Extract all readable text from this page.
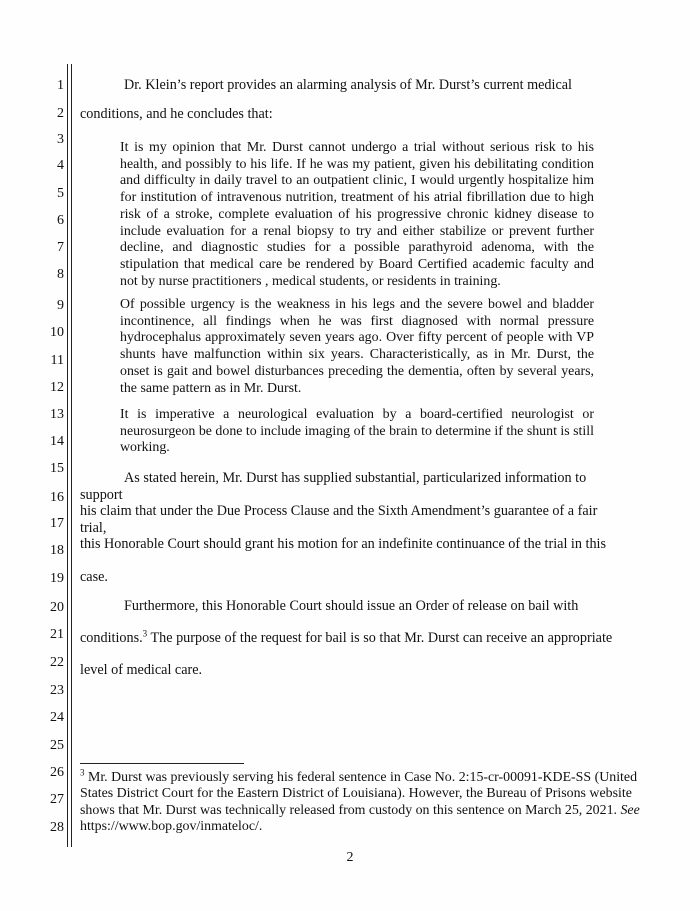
1
2
3
4
5
6
7
8
9
10
11
12
13
14
15
16
17
18
19
20
21
22
23
24
25
26
27
28
Dr. Klein’s report provides an alarming analysis of Mr. Durst’s current medical
conditions, and he concludes that:
It is my opinion that Mr. Durst cannot undergo a trial without serious risk to his health, and possibly to his life. If he was my patient, given his debilitating condition and difficulty in daily travel to an outpatient clinic, I would urgently hospitalize him for institution of intravenous nutrition, treatment of his atrial fibrillation due to high risk of a stroke, complete evaluation of his progressive chronic kidney disease to include evaluation for a renal biopsy to try and either stabilize or prevent further decline, and diagnostic studies for a possible parathyroid adenoma, with the stipulation that medical care be rendered by Board Certified academic faculty and not by nurse practitioners , medical students, or residents in training.
Of possible urgency is the weakness in his legs and the severe bowel and bladder incontinence, all findings when he was first diagnosed with normal pressure hydrocephalus approximately seven years ago. Over fifty percent of people with VP shunts have malfunction within six years. Characteristically, as in Mr. Durst, the onset is gait and bowel disturbances preceding the dementia, often by several years, the same pattern as in Mr. Durst.
It is imperative a neurological evaluation by a board-certified neurologist or neurosurgeon be done to include imaging of the brain to determine if the shunt is still working.
As stated herein, Mr. Durst has supplied substantial, particularized information to support
his claim that under the Due Process Clause and the Sixth Amendment’s guarantee of a fair trial,
this Honorable Court should grant his motion for an indefinite continuance of the trial in this
case.
Furthermore, this Honorable Court should issue an Order of release on bail with
conditions.$^3$ The purpose of the request for bail is so that Mr. Durst can receive an appropriate
level of medical care.
$^3$ Mr. Durst was previously serving his federal sentence in Case No. 2:15-cr-00091-KDE-SS (United States District Court for the Eastern District of Louisiana). However, the Bureau of Prisons website shows that Mr. Durst was technically released from custody on this sentence on March 25, 2021. See https://www.bop.gov/inmateloc/.
2
